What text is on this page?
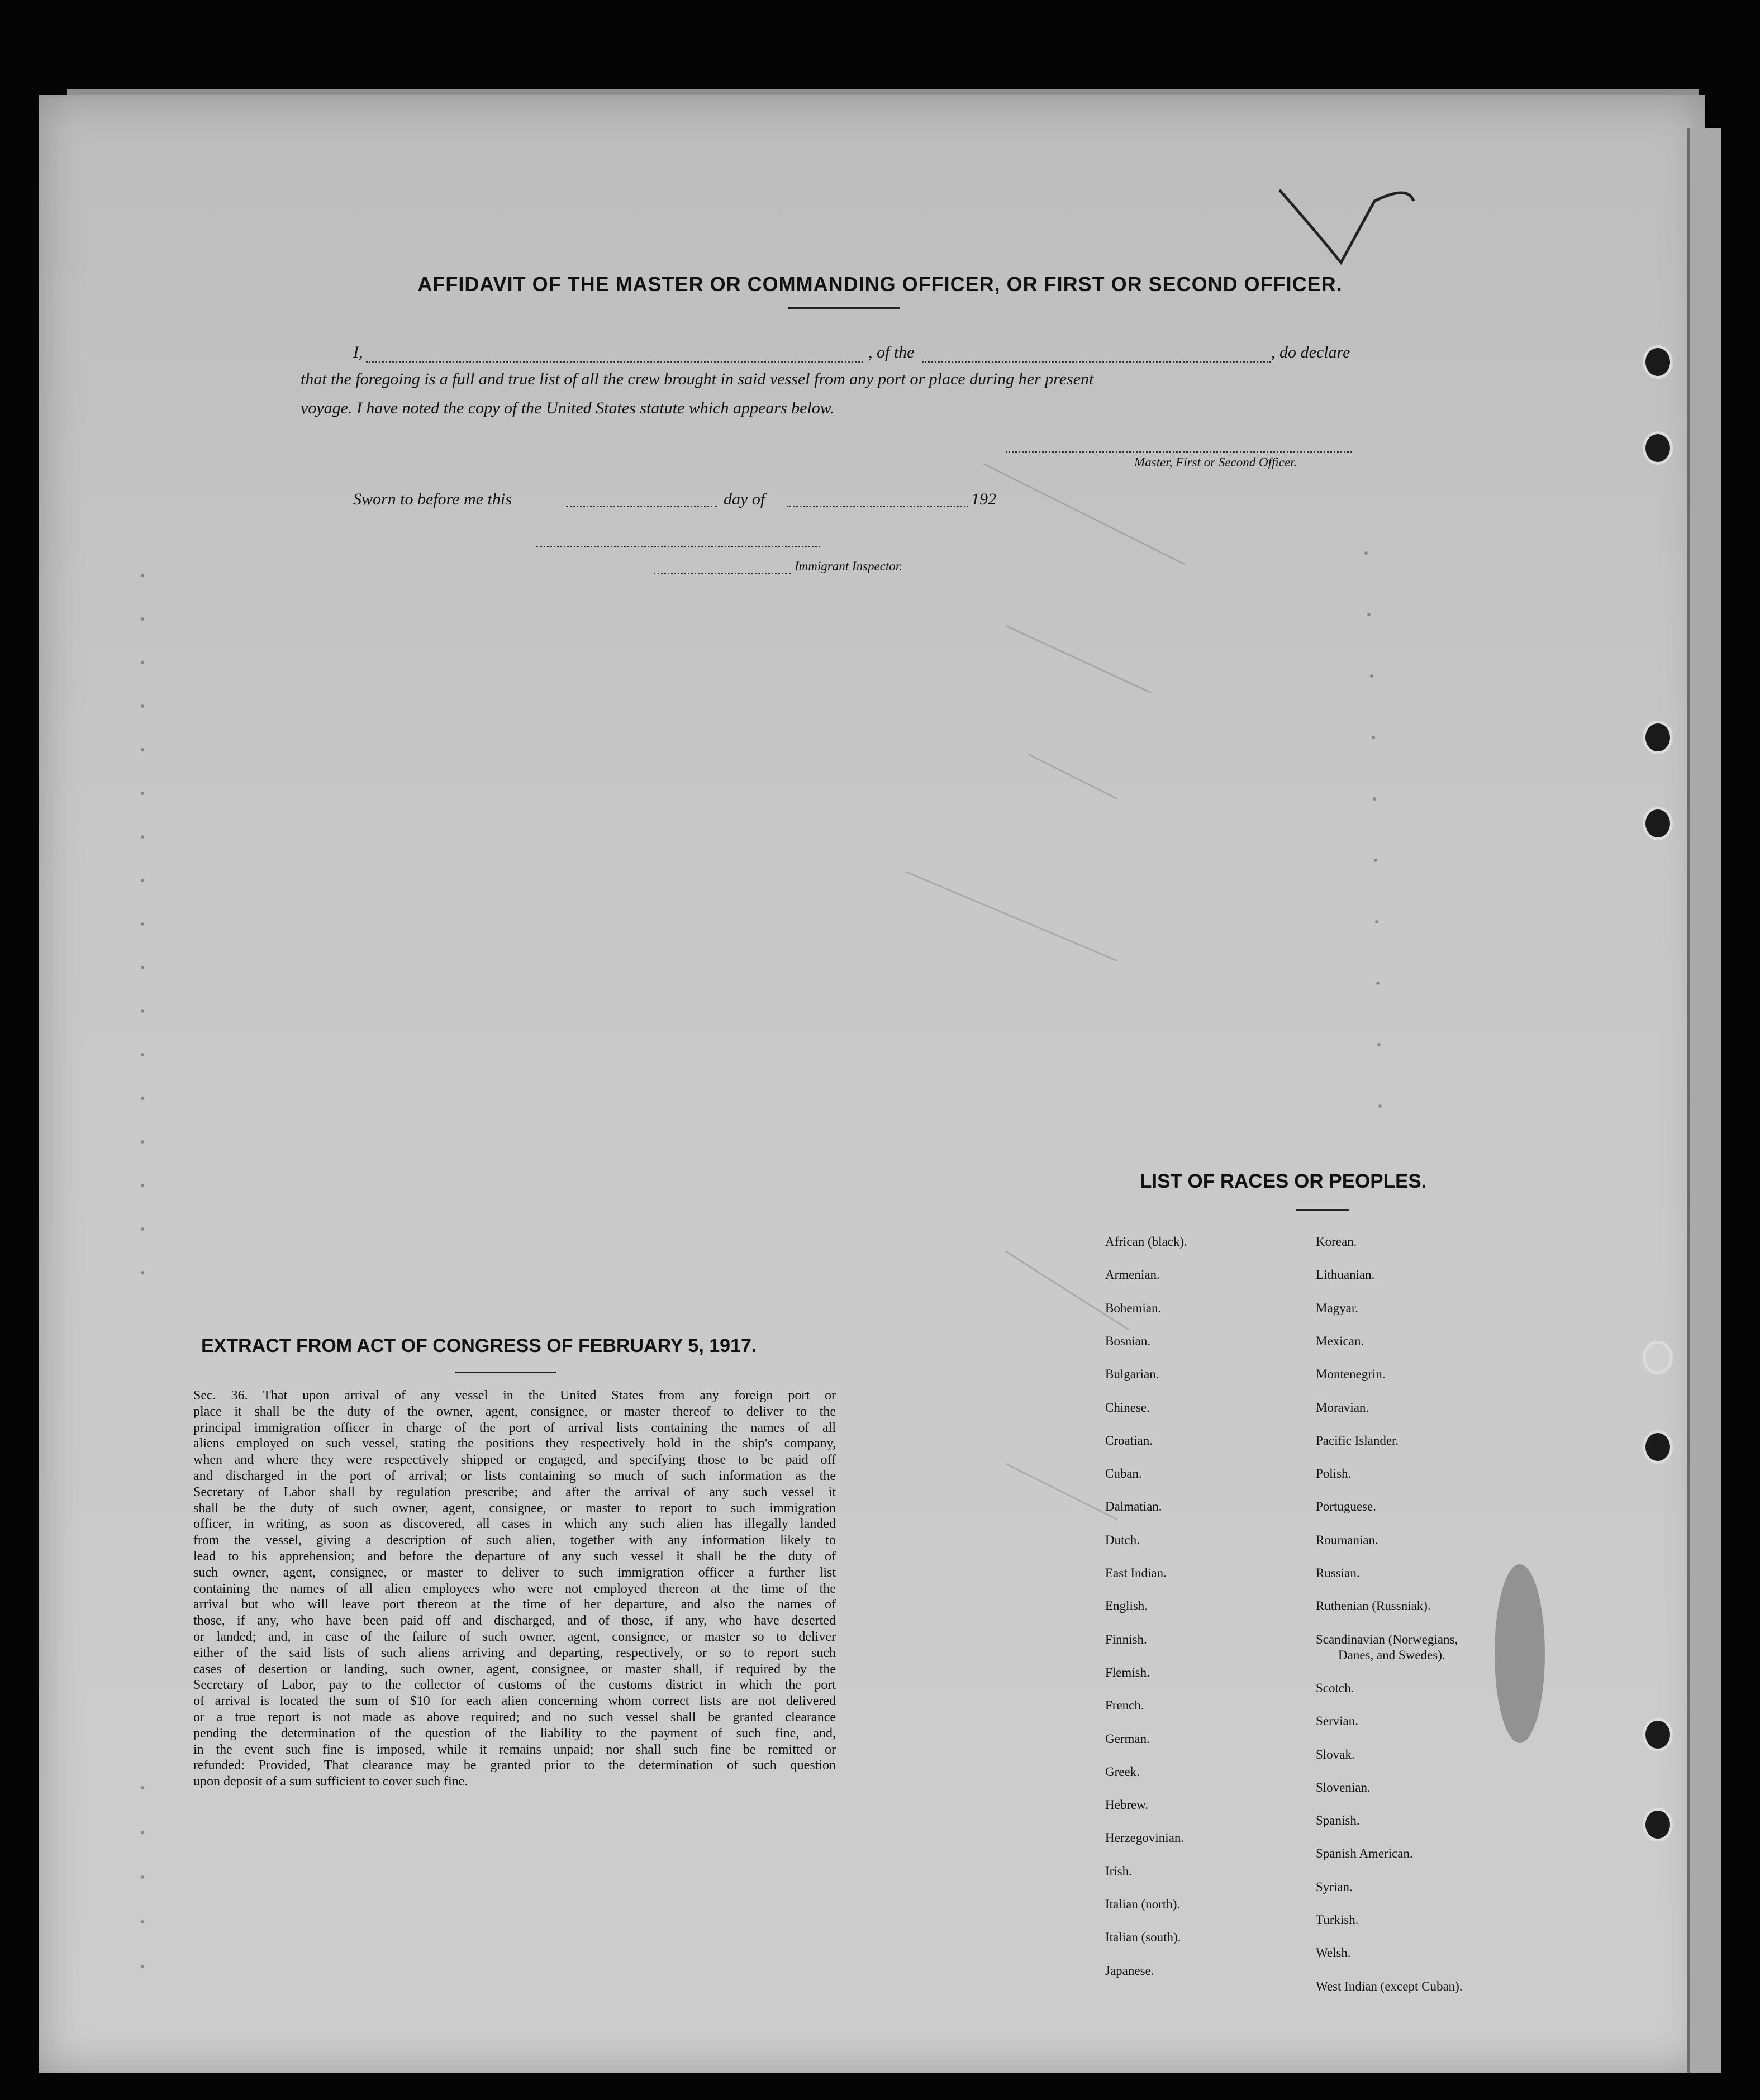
AFFIDAVIT OF THE MASTER OR COMMANDING OFFICER, OR FIRST OR SECOND OFFICER.
I,	, of the	, do declare
that the foregoing is a full and true list of all the crew brought in said vessel from any port or place during her present
voyage. I have noted the copy of the United States statute which appears below.
Master, First or Second Officer.
Sworn to before me this	day of	192
Immigrant Inspector.
LIST OF RACES OR PEOPLES.
African (black).
Armenian.
Bohemian.
Bosnian.
Bulgarian.
Chinese.
Croatian.
Cuban.
Dalmatian.
Dutch.
East Indian.
English.
Finnish.
Flemish.
French.
German.
Greek.
Hebrew.
Herzegovinian.
Irish.
Italian (north).
Italian (south).
Japanese.
Korean.
Lithuanian.
Magyar.
Mexican.
Montenegrin.
Moravian.
Pacific Islander.
Polish.
Portuguese.
Roumanian.
Russian.
Ruthenian (Russniak).
Scandinavian (Norwegians,
Danes, and Swedes).
Scotch.
Servian.
Slovak.
Slovenian.
Spanish.
Spanish American.
Syrian.
Turkish.
Welsh.
West Indian (except Cuban).
EXTRACT FROM ACT OF CONGRESS OF FEBRUARY 5, 1917.
Sec. 36. That upon arrival of any vessel in the United States from any foreign port or
place it shall be the duty of the owner, agent, consignee, or master thereof to deliver to the
principal immigration officer in charge of the port of arrival lists containing the names of all
aliens employed on such vessel, stating the positions they respectively hold in the ship's company,
when and where they were respectively shipped or engaged, and specifying those to be paid off
and discharged in the port of arrival; or lists containing so much of such information as the
Secretary of Labor shall by regulation prescribe; and after the arrival of any such vessel it
shall be the duty of such owner, agent, consignee, or master to report to such immigration
officer, in writing, as soon as discovered, all cases in which any such alien has illegally landed
from the vessel, giving a description of such alien, together with any information likely to
lead to his apprehension; and before the departure of any such vessel it shall be the duty of
such owner, agent, consignee, or master to deliver to such immigration officer a further list
containing the names of all alien employees who were not employed thereon at the time of the
arrival but who will leave port thereon at the time of her departure, and also the names of
those, if any, who have been paid off and discharged, and of those, if any, who have deserted
or landed; and, in case of the failure of such owner, agent, consignee, or master so to deliver
either of the said lists of such aliens arriving and departing, respectively, or so to report such
cases of desertion or landing, such owner, agent, consignee, or master shall, if required by the
Secretary of Labor, pay to the collector of customs of the customs district in which the port
of arrival is located the sum of $10 for each alien concerning whom correct lists are not delivered
or a true report is not made as above required; and no such vessel shall be granted clearance
pending the determination of the question of the liability to the payment of such fine, and,
in the event such fine is imposed, while it remains unpaid; nor shall such fine be remitted or
refunded: Provided, That clearance may be granted prior to the determination of such question
upon deposit of a sum sufficient to cover such fine.
